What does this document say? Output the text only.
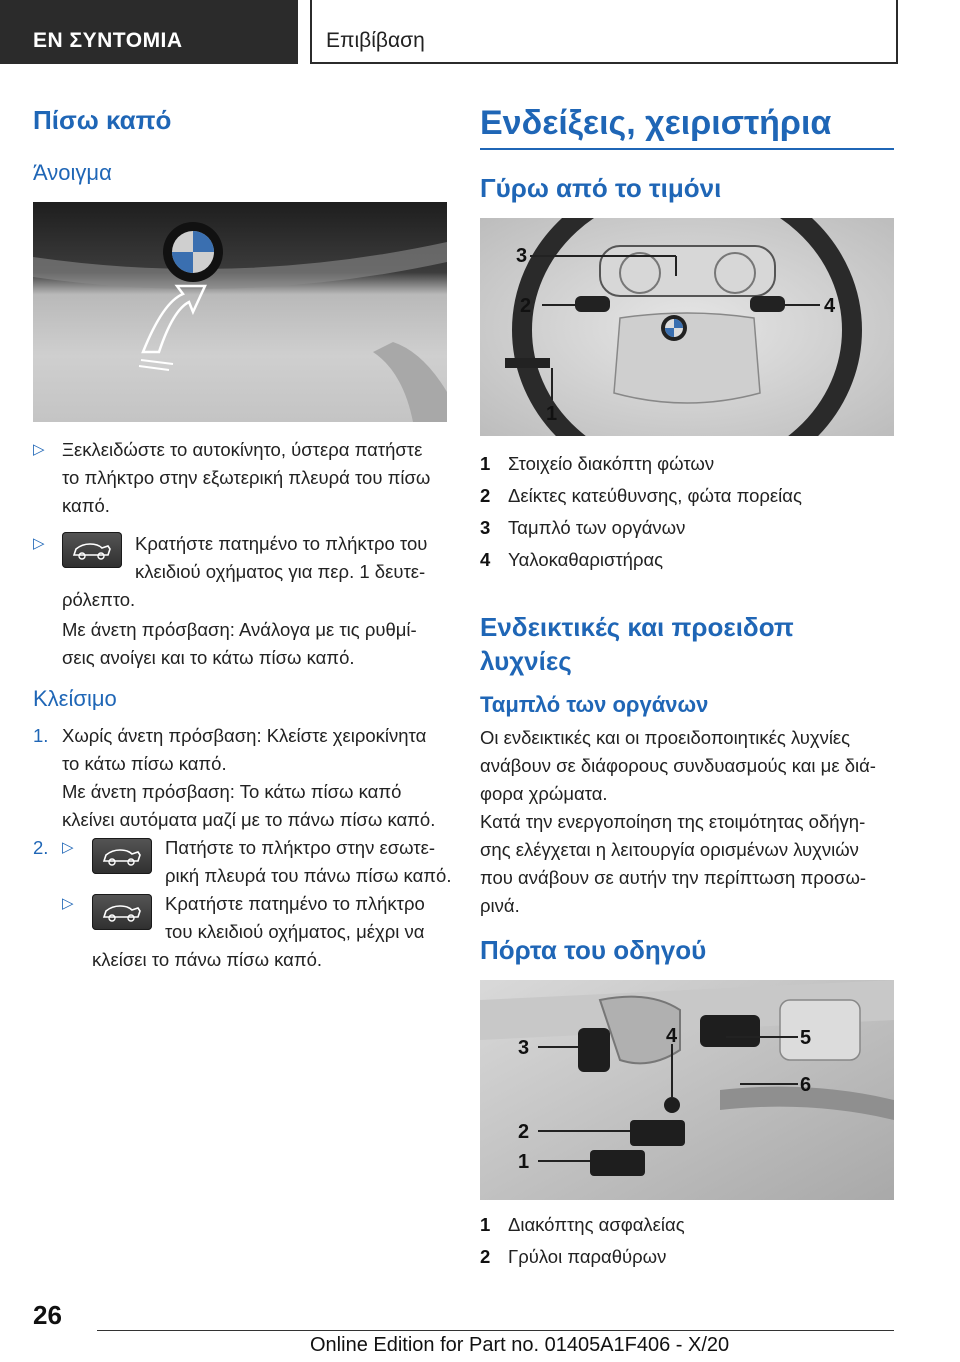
ΕΝ ΣΥΝΤΟΜΙΑ	Επιβίβαση
Πίσω καπό
Άνοιγμα
▷ Ξεκλειδώστε το αυτοκίνητο, ύστερα πατήστε
το πλήκτρο στην εξωτερική πλευρά του πίσω
καπό.
▷	Κρατήστε πατημένο το πλήκτρο του
κλειδιού οχήματος για περ. 1 δευτε-
ρόλεπτο.
Με άνετη πρόσβαση: Ανάλογα με τις ρυθμί-
σεις ανοίγει και το κάτω πίσω καπό.
Κλείσιμο
1. Χωρίς άνετη πρόσβαση: Κλείστε χειροκίνητα
το κάτω πίσω καπό.
Με άνετη πρόσβαση: Το κάτω πίσω καπό
κλείνει αυτόματα μαζί με το πάνω πίσω καπό.
2. ▷	Πατήστε το πλήκτρο στην εσωτε-
ρική πλευρά του πάνω πίσω καπό.
▷	Κρατήστε πατημένο το πλήκτρο
του κλειδιού οχήματος, μέχρι να
κλείσει το πάνω πίσω καπό.
Ενδείξεις, χειριστήρια
Γύρω από το τιμόνι
3
2	4
1
1 Στοιχείο διακόπτη φώτων
2 Δείκτες κατεύθυνσης, φώτα πορείας
3 Ταμπλό των οργάνων
4 Υαλοκαθαριστήρας
Ενδεικτικές και προειδοπ
λυχνίες
Ταμπλό των οργάνων
Οι ενδεικτικές και οι προειδοποιητικές λυχνίες
ανάβουν σε διάφορους συνδυασμούς και με διά-
φορα χρώματα.
Κατά την ενεργοποίηση της ετοιμότητας οδήγη-
σης ελέγχεται η λειτουργία ορισμένων λυχνιών
που ανάβουν σε αυτήν την περίπτωση προσω-
ρινά.
Πόρτα του οδηγού
3
4	5
6
2
1
1 Διακόπτης ασφαλείας
2 Γρύλοι παραθύρων
26
Online Edition for Part no. 01405A1F406 - X/20
